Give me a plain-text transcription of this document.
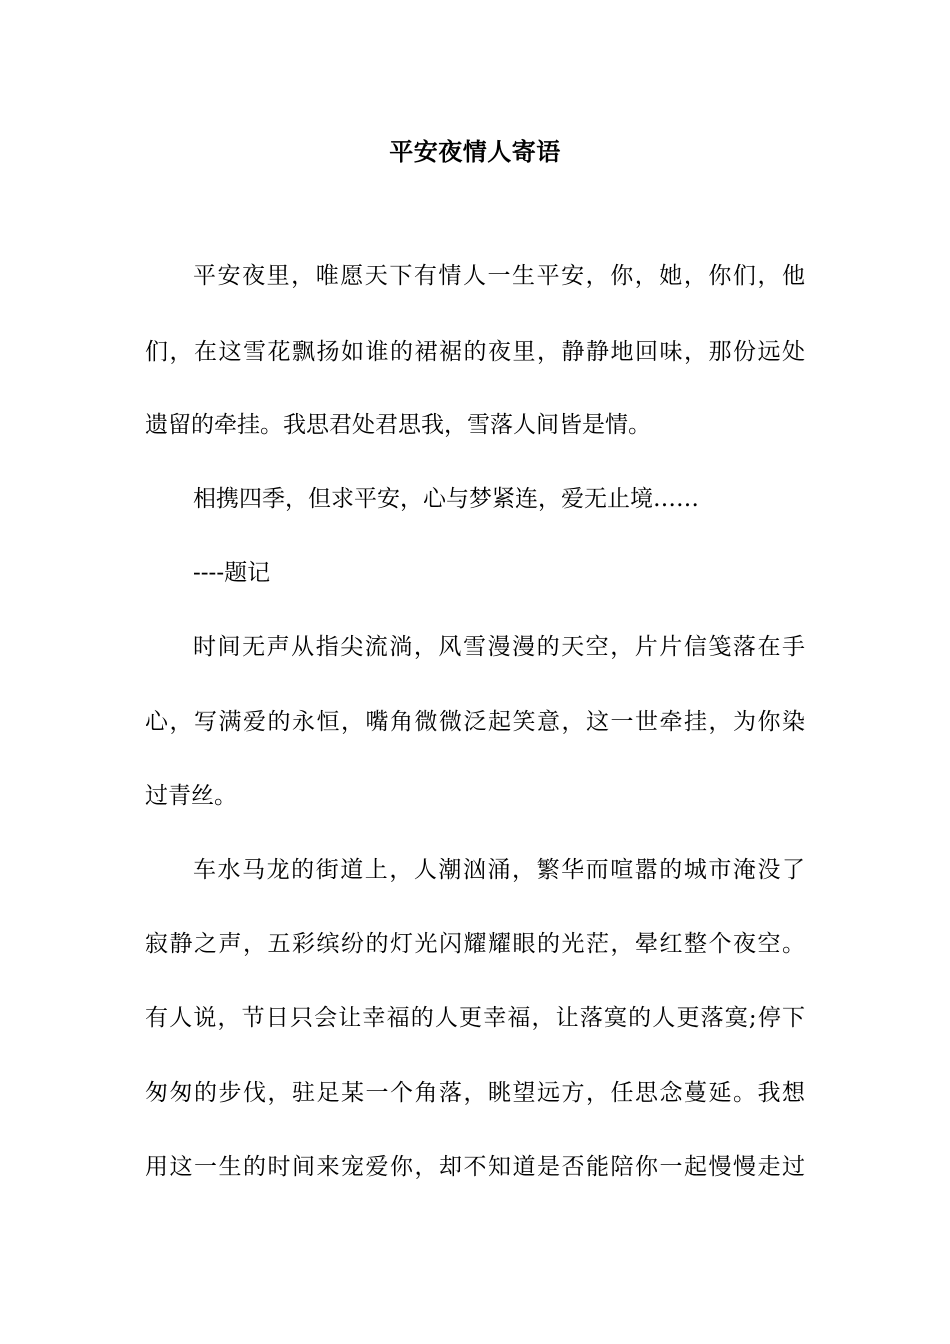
平安夜情人寄语
平安夜里，唯愿天下有情人一生平安，你，她，你们，他
们，在这雪花飘扬如谁的裙裾的夜里，静静地回味，那份远处
遗留的牵挂。我思君处君思我，雪落人间皆是情。
相携四季，但求平安，心与梦紧连，爱无止境……
----题记
时间无声从指尖流淌，风雪漫漫的天空，片片信笺落在手
心，写满爱的永恒，嘴角微微泛起笑意，这一世牵挂，为你染
过青丝。
车水马龙的街道上，人潮汹涌，繁华而喧嚣的城市淹没了
寂静之声，五彩缤纷的灯光闪耀耀眼的光茫，晕红整个夜空。
有人说，节日只会让幸福的人更幸福，让落寞的人更落寞;停下
匆匆的步伐，驻足某一个角落，眺望远方，任思念蔓延。我想
用这一生的时间来宠爱你，却不知道是否能陪你一起慢慢走过
